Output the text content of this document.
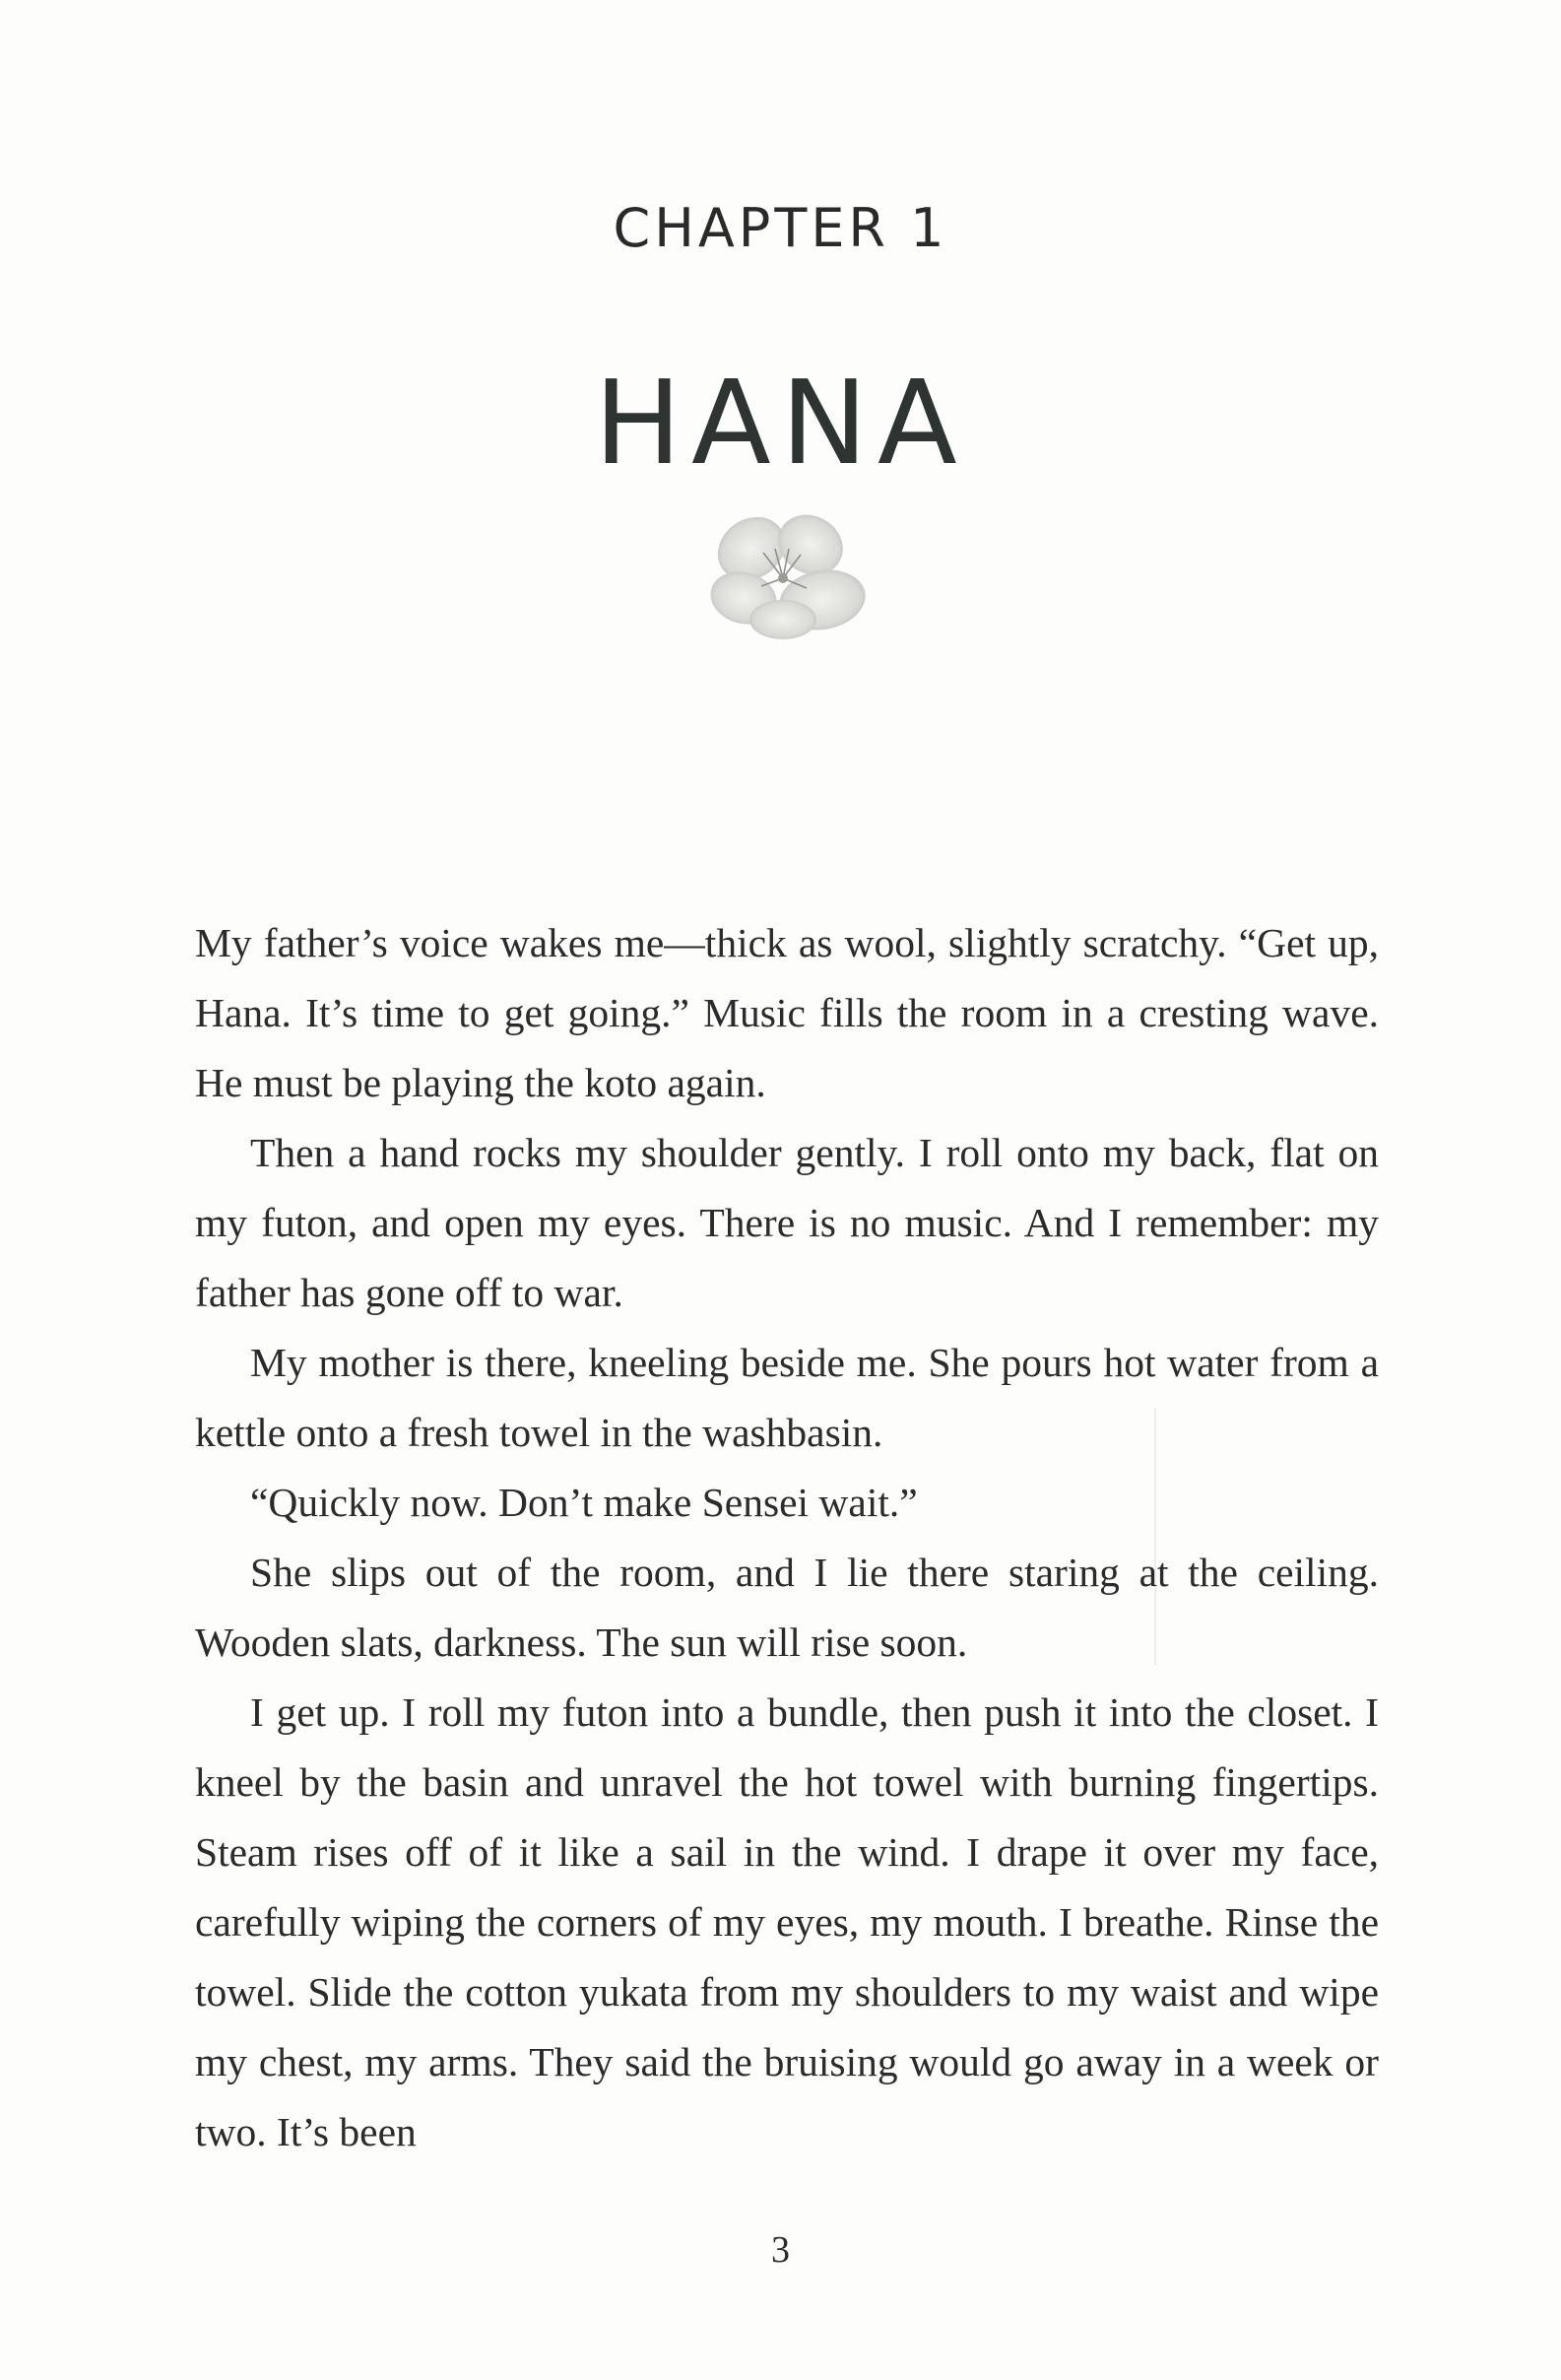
CHAPTER 1
HANA

My father’s voice wakes me—thick as wool, slightly scratchy. “Get up, Hana. It’s time to get going.” Music fills the room in a cresting wave. He must be playing the koto again.

Then a hand rocks my shoulder gently. I roll onto my back, flat on my futon, and open my eyes. There is no music. And I remember: my father has gone off to war.

My mother is there, kneeling beside me. She pours hot water from a kettle onto a fresh towel in the washbasin.

“Quickly now. Don’t make Sensei wait.”

She slips out of the room, and I lie there staring at the ceiling. Wooden slats, darkness. The sun will rise soon.

I get up. I roll my futon into a bundle, then push it into the closet. I kneel by the basin and unravel the hot towel with burning fingertips. Steam rises off of it like a sail in the wind. I drape it over my face, carefully wiping the corners of my eyes, my mouth. I breathe. Rinse the towel. Slide the cotton yukata from my shoulders to my waist and wipe my chest, my arms. They said the bruising would go away in a week or two. It’s been

3
